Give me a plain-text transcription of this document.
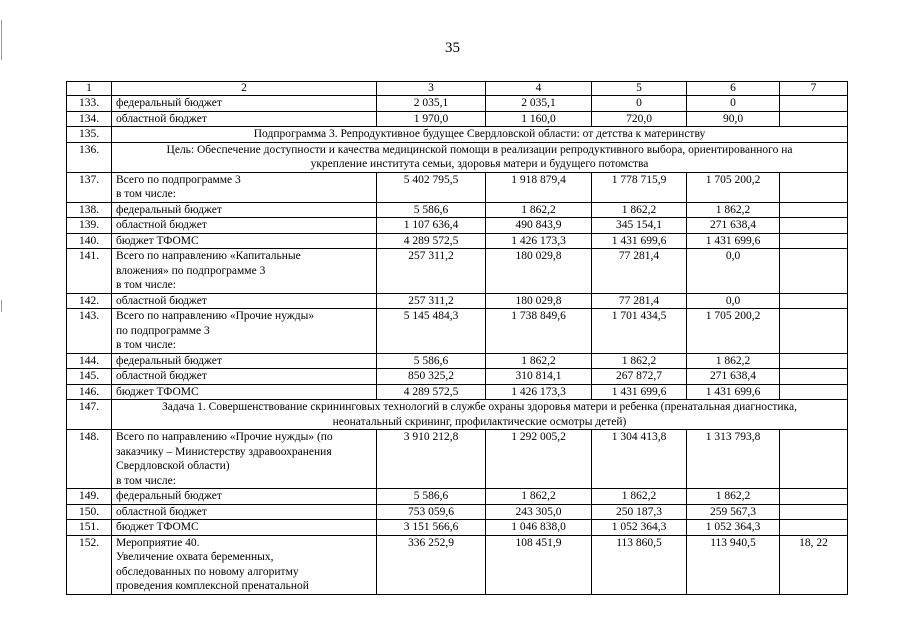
35
1	2	3	4	5	6	7
133.	федеральный бюджет	2 035,1	2 035,1	0	0	
134.	областной бюджет	1 970,0	1 160,0	720,0	90,0	
135.	Подпрограмма 3. Репродуктивное будущее Свердловской области: от детства к материнству					
136.	Цель: Обеспечение доступности и качества медицинской помощи в реализации репродуктивного выбора, ориентированного на
укрепление института семьи, здоровья матери и будущего потомства					
137.	Всего по подпрограмме 3
в том числе:	5 402 795,5	1 918 879,4	1 778 715,9	1 705 200,2	
138.	федеральный бюджет	5 586,6	1 862,2	1 862,2	1 862,2	
139.	областной бюджет	1 107 636,4	490 843,9	345 154,1	271 638,4	
140.	бюджет ТФОМС	4 289 572,5	1 426 173,3	1 431 699,6	1 431 699,6	
141.	Всего по направлению «Капитальные
вложения» по подпрограмме 3
в том числе:	257 311,2	180 029,8	77 281,4	0,0	
142.	областной бюджет	257 311,2	180 029,8	77 281,4	0,0	
143.	Всего по направлению «Прочие нужды»
по подпрограмме 3
в том числе:	5 145 484,3	1 738 849,6	1 701 434,5	1 705 200,2	
144.	федеральный бюджет	5 586,6	1 862,2	1 862,2	1 862,2	
145.	областной бюджет	850 325,2	310 814,1	267 872,7	271 638,4	
146.	бюджет ТФОМС	4 289 572,5	1 426 173,3	1 431 699,6	1 431 699,6	
147.	Задача 1. Совершенствование скрининговых технологий в службе охраны здоровья матери и ребенка (пренатальная диагностика,
неонатальный скрининг, профилактические осмотры детей)					
148.	Всего по направлению «Прочие нужды» (по
заказчику – Министерству здравоохранения
Свердловской области)
в том числе:	3 910 212,8	1 292 005,2	1 304 413,8	1 313 793,8	
149.	федеральный бюджет	5 586,6	1 862,2	1 862,2	1 862,2	
150.	областной бюджет	753 059,6	243 305,0	250 187,3	259 567,3	
151.	бюджет ТФОМС	3 151 566,6	1 046 838,0	1 052 364,3	1 052 364,3	
152.	Мероприятие 40.
Увеличение охвата беременных,
обследованных по новому алгоритму
проведения комплексной пренатальной	336 252,9	108 451,9	113 860,5	113 940,5	18, 22
